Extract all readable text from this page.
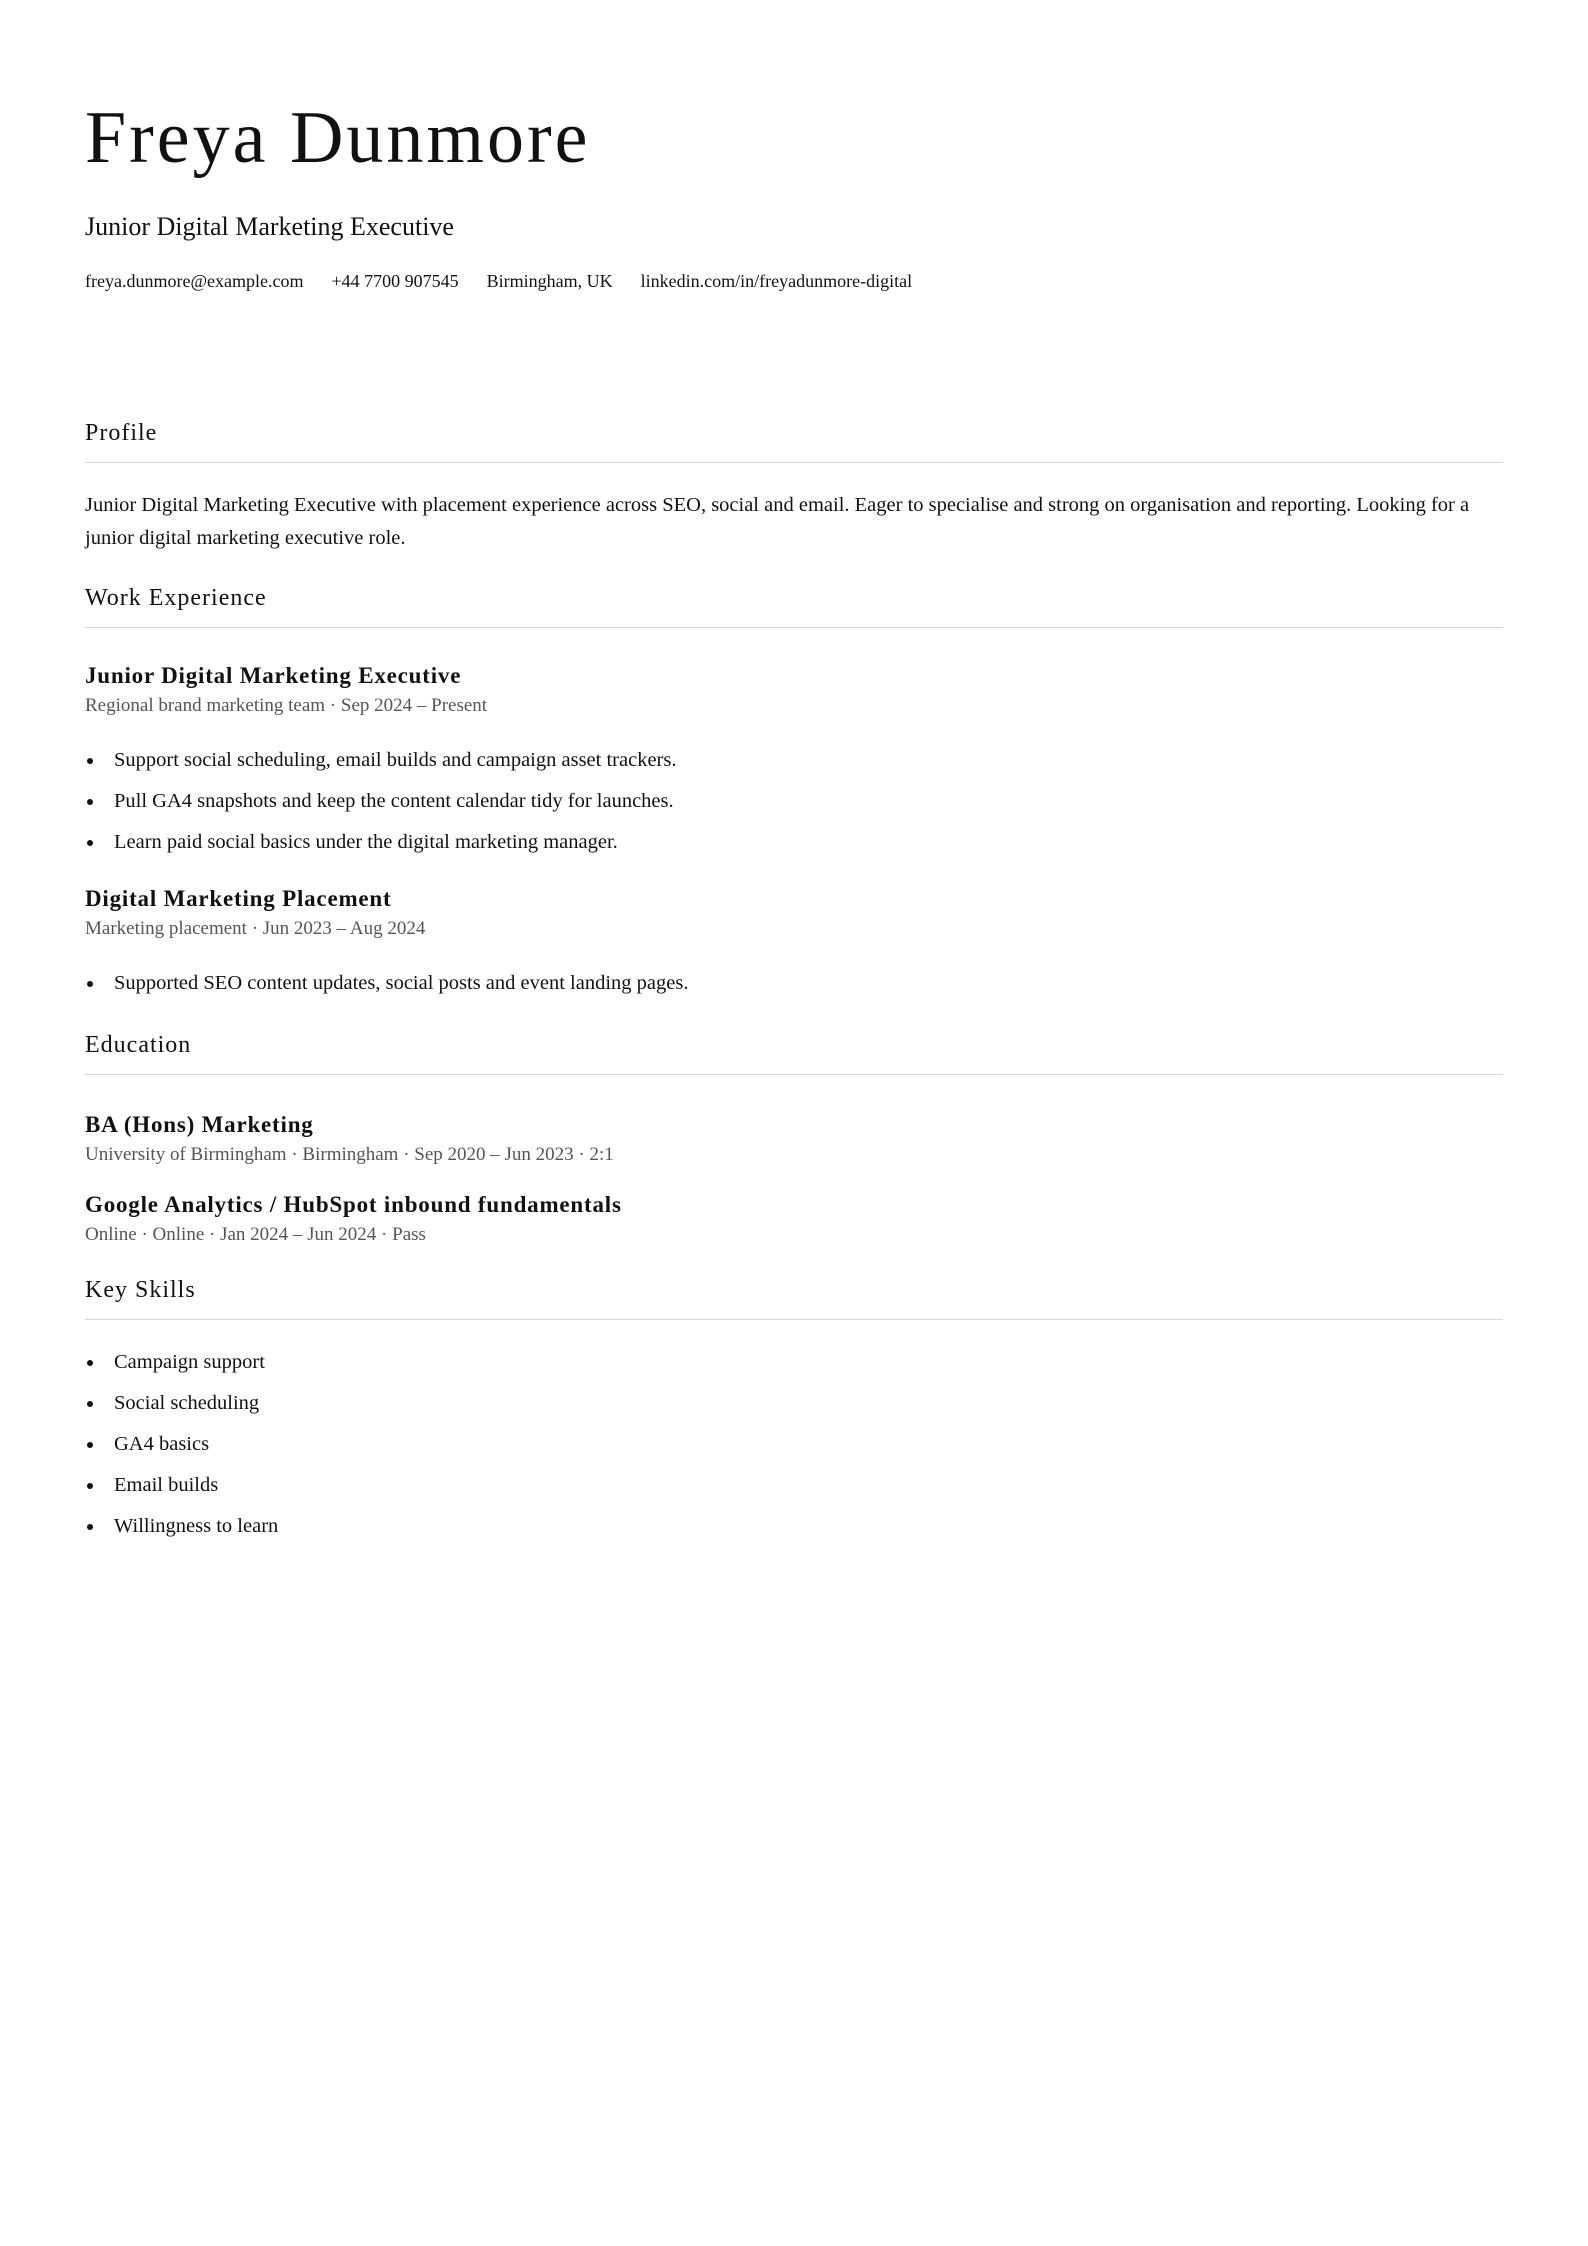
Freya Dunmore
Junior Digital Marketing Executive
freya.dunmore@example.com +44 7700 907545 Birmingham, UK linkedin.com/in/freyadunmore-digital
Profile

Junior Digital Marketing Executive with placement experience across SEO, social and email. Eager to specialise and strong on organisation and reporting. Looking for a junior digital marketing executive role.

Work Experience
Junior Digital Marketing Executive
Regional brand marketing team · Sep 2024 – Present
Support social scheduling, email builds and campaign asset trackers.
Pull GA4 snapshots and keep the content calendar tidy for launches.
Learn paid social basics under the digital marketing manager.
Digital Marketing Placement
Marketing placement · Jun 2023 – Aug 2024
Supported SEO content updates, social posts and event landing pages.
Education
BA (Hons) Marketing
University of Birmingham · Birmingham · Sep 2020 – Jun 2023 · 2:1
Google Analytics / HubSpot inbound fundamentals
Online · Online · Jan 2024 – Jun 2024 · Pass
Key Skills
Campaign support
Social scheduling
GA4 basics
Email builds
Willingness to learn
